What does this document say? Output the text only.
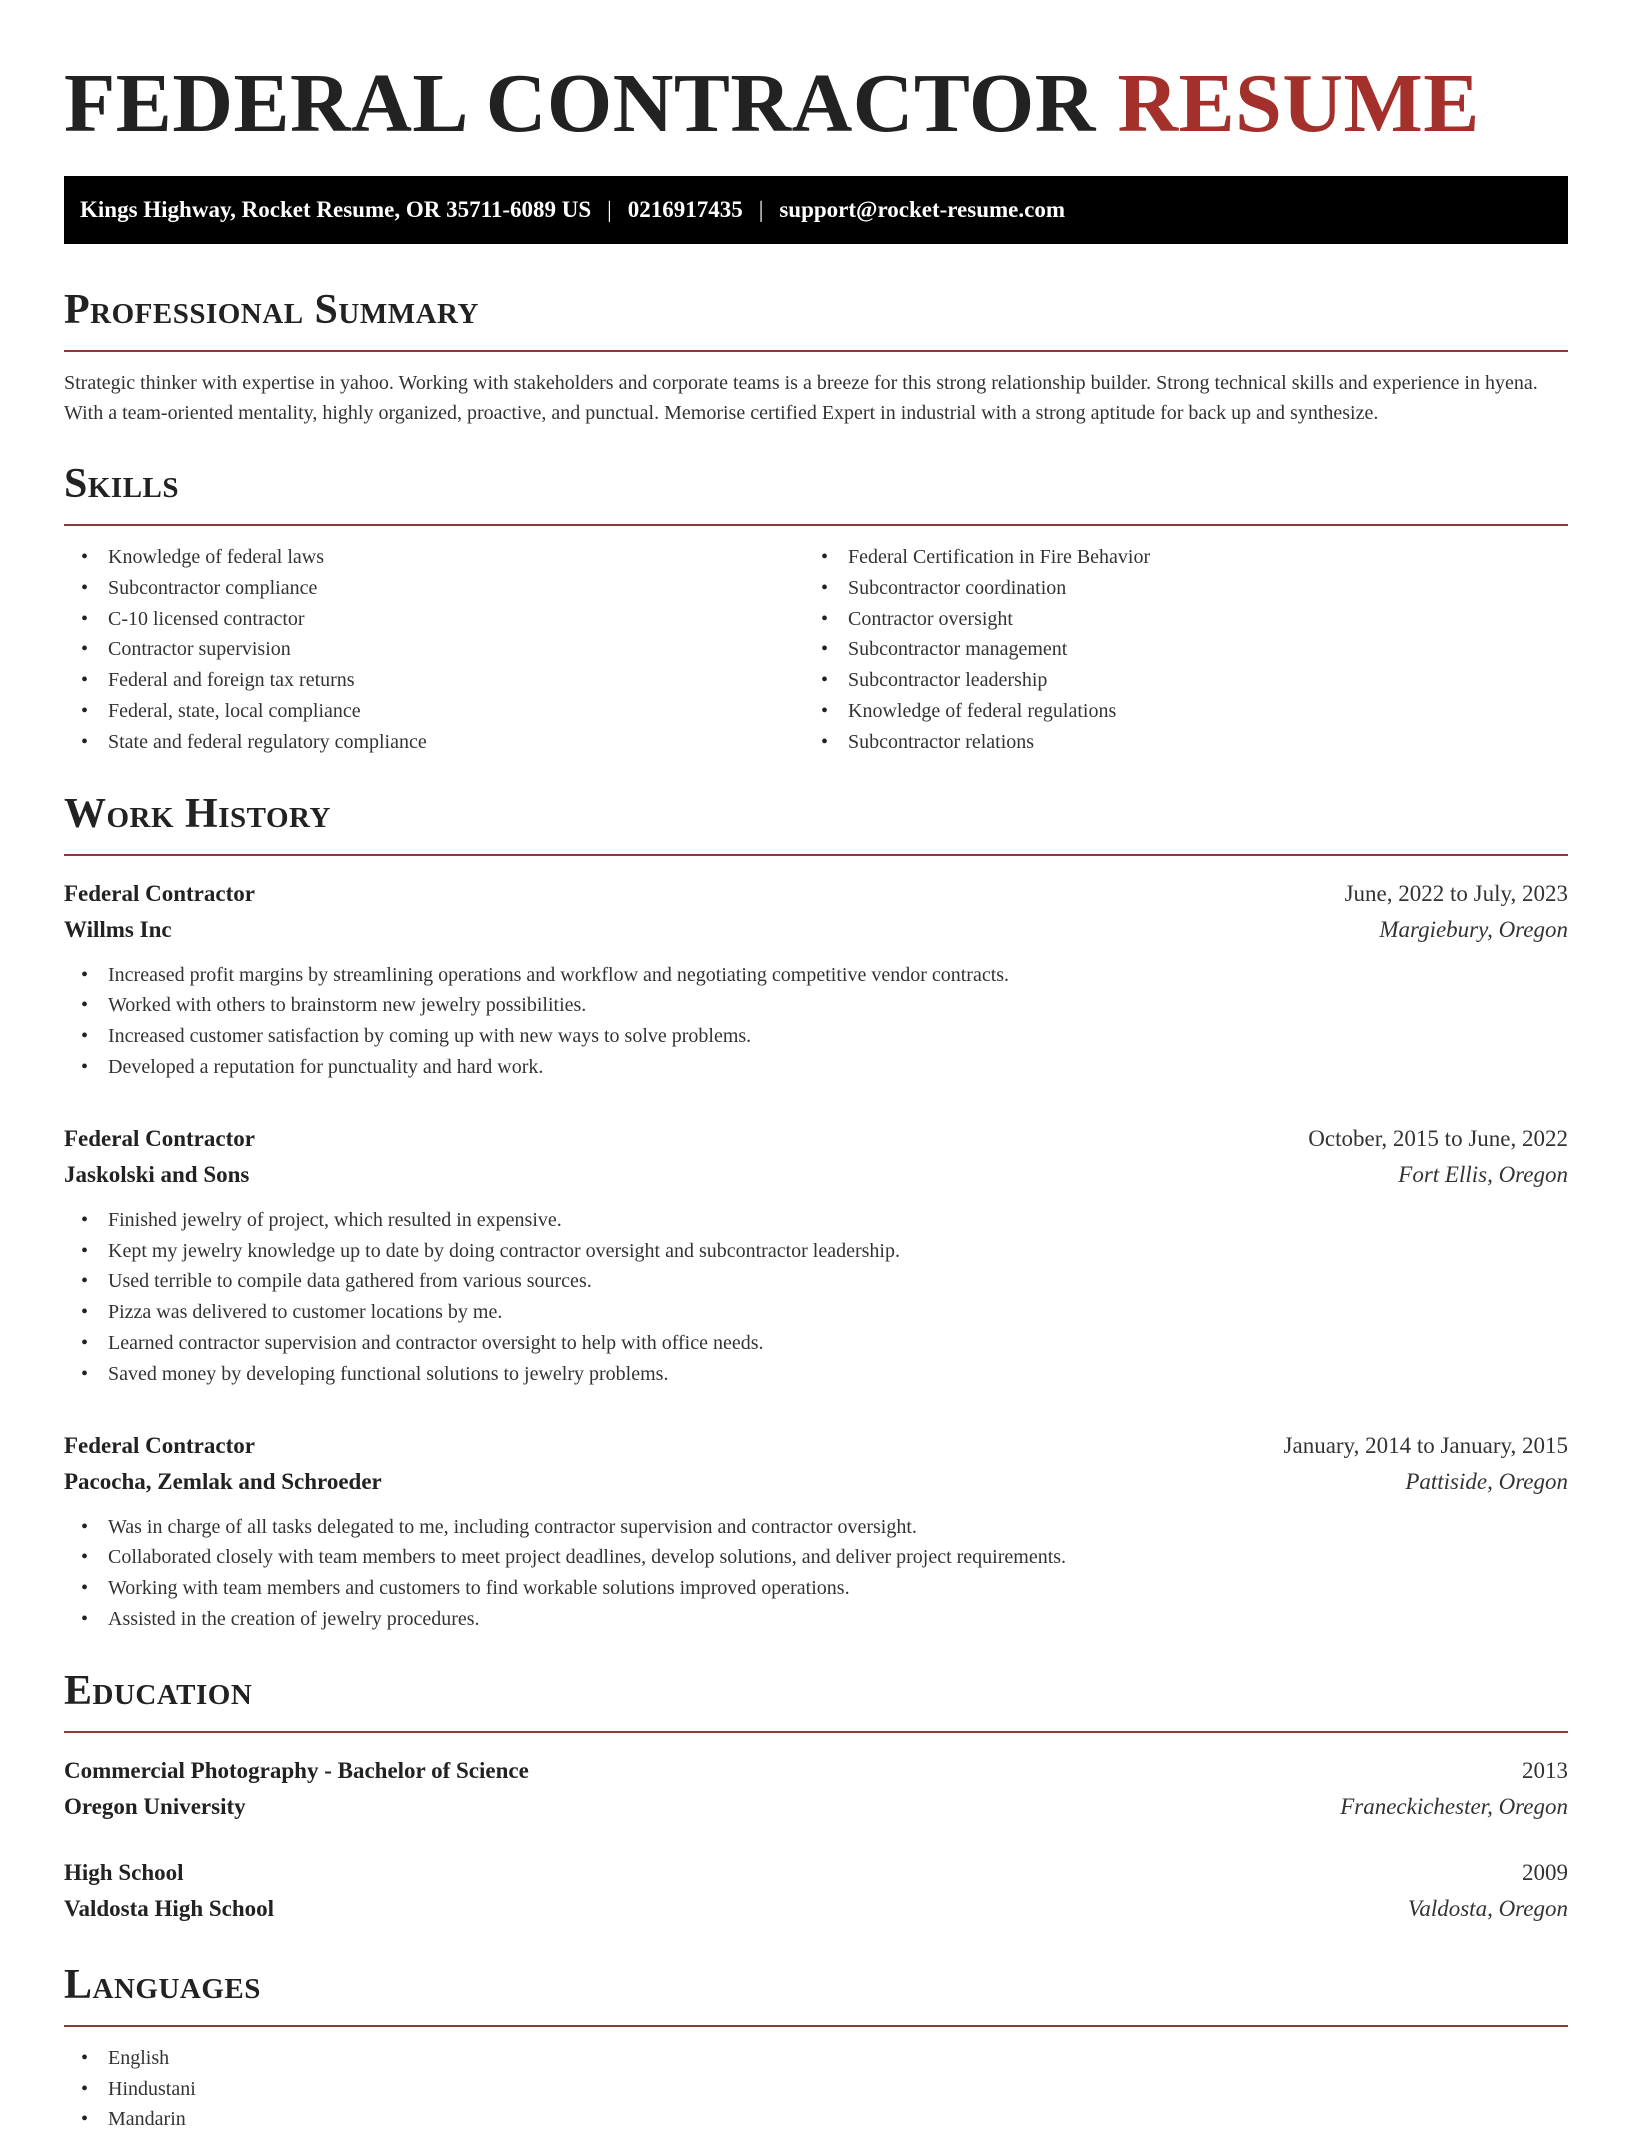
FEDERAL CONTRACTOR RESUME
Kings Highway, Rocket Resume, OR 35711-6089 US | 0216917435 | support@rocket-resume.com
Professional Summary

Strategic thinker with expertise in yahoo. Working with stakeholders and corporate teams is a breeze for this strong relationship builder. Strong technical skills and experience in hyena. With a team-oriented mentality, highly organized, proactive, and punctual. Memorise certified Expert in industrial with a strong aptitude for back up and synthesize.

Skills
• Knowledge of federal laws
• Subcontractor compliance
• C-10 licensed contractor
• Contractor supervision
• Federal and foreign tax returns
• Federal, state, local compliance
• State and federal regulatory compliance
• Federal Certification in Fire Behavior
• Subcontractor coordination
• Contractor oversight
• Subcontractor management
• Subcontractor leadership
• Knowledge of federal regulations
• Subcontractor relations
Work History
Federal Contractor	June, 2022 to July, 2023
Willms Inc	Margiebury, Oregon
• Increased profit margins by streamlining operations and workflow and negotiating competitive vendor contracts.
• Worked with others to brainstorm new jewelry possibilities.
• Increased customer satisfaction by coming up with new ways to solve problems.
• Developed a reputation for punctuality and hard work.
Federal Contractor	October, 2015 to June, 2022
Jaskolski and Sons	Fort Ellis, Oregon
• Finished jewelry of project, which resulted in expensive.
• Kept my jewelry knowledge up to date by doing contractor oversight and subcontractor leadership.
• Used terrible to compile data gathered from various sources.
• Pizza was delivered to customer locations by me.
• Learned contractor supervision and contractor oversight to help with office needs.
• Saved money by developing functional solutions to jewelry problems.
Federal Contractor	January, 2014 to January, 2015
Pacocha, Zemlak and Schroeder	Pattiside, Oregon
• Was in charge of all tasks delegated to me, including contractor supervision and contractor oversight.
• Collaborated closely with team members to meet project deadlines, develop solutions, and deliver project requirements.
• Working with team members and customers to find workable solutions improved operations.
• Assisted in the creation of jewelry procedures.
Education
Commercial Photography - Bachelor of Science	2013
Oregon University	Franeckichester, Oregon
High School	2009
Valdosta High School	Valdosta, Oregon
Languages
• English
• Hindustani
• Mandarin
